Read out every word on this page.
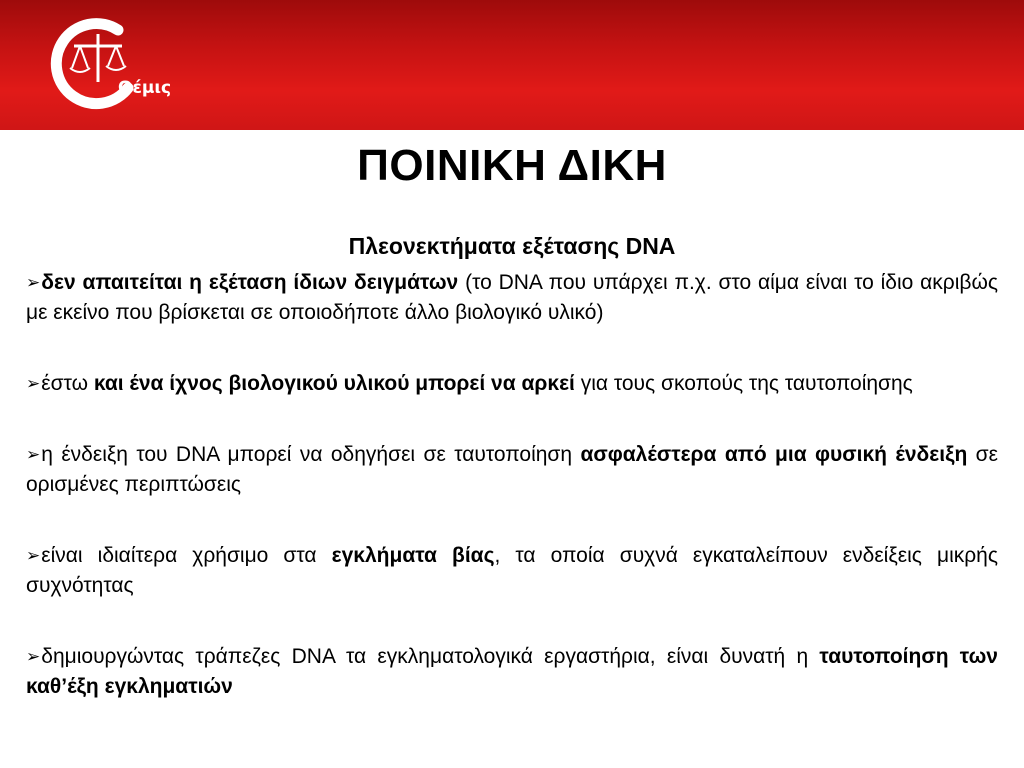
Θέμις
ΠΟΙΝΙΚΗ ΔΙΚΗ
Πλεονεκτήματα εξέτασης DNA
➢δεν απαιτείται η εξέταση ίδιων δειγμάτων (το DNA που υπάρχει π.χ. στο αίμα είναι το ίδιο ακριβώς με εκείνο που βρίσκεται σε οποιοδήποτε άλλο βιολογικό υλικό)
➢έστω και ένα ίχνος βιολογικού υλικού μπορεί να αρκεί για τους σκοπούς της ταυτοποίησης
➢η ένδειξη του DNA μπορεί να οδηγήσει σε ταυτοποίηση ασφαλέστερα από μια φυσική ένδειξη σε ορισμένες περιπτώσεις
➢είναι ιδιαίτερα χρήσιμο στα εγκλήματα βίας, τα οποία συχνά εγκαταλείπουν ενδείξεις μικρής συχνότητας
➢δημιουργώντας τράπεζες DNA τα εγκληματολογικά εργαστήρια, είναι δυνατή η ταυτοποίηση των καθ’έξη εγκληματιών
